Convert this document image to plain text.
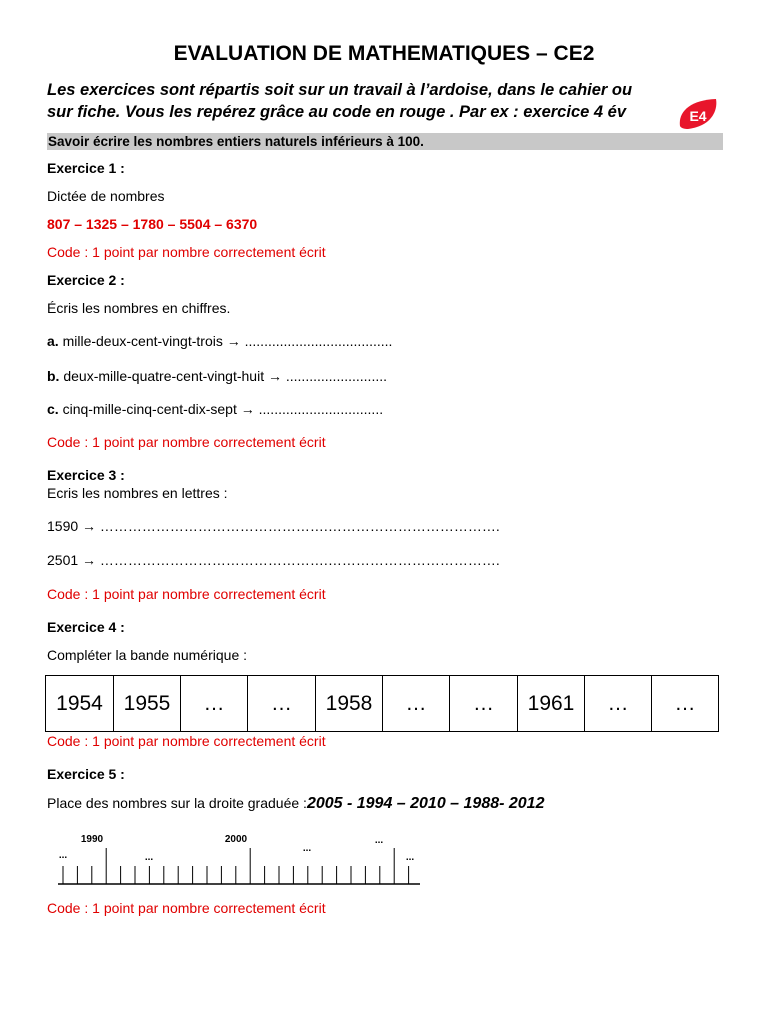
EVALUATION DE MATHEMATIQUES – CE2
Les exercices sont répartis soit sur un travail à l’ardoise, dans le cahier ou
sur fiche. Vous les repérez grâce au code en rouge . Par ex : exercice 4 év	E4
Savoir écrire les nombres entiers naturels inférieurs à 100.
Exercice 1 :
Dictée de nombres
807 – 1325 – 1780 – 5504 – 6370
Code : 1 point par nombre correctement écrit
Exercice 2 :
Écris les nombres en chiffres.
a. mille-deux-cent-vingt-trois → ......................................
b. deux-mille-quatre-cent-vingt-huit → ..........................
c. cinq-mille-cinq-cent-dix-sept → ................................
Code : 1 point par nombre correctement écrit
Exercice 3 :
Ecris les nombres en lettres :
1590 → ………………………………………….……………………………….
2501 → ………………………………………….……………………………….
Code : 1 point par nombre correctement écrit
Exercice 4 :
Compléter la bande numérique :
1954	1955	…	…	1958	…	…	1961	…	…
Code : 1 point par nombre correctement écrit
Exercice 5 :
Place des nombres sur la droite graduée :2005 - 1994 – 2010 – 1988- 2012
1990	2000
...	...
...
...
...
Code : 1 point par nombre correctement écrit
